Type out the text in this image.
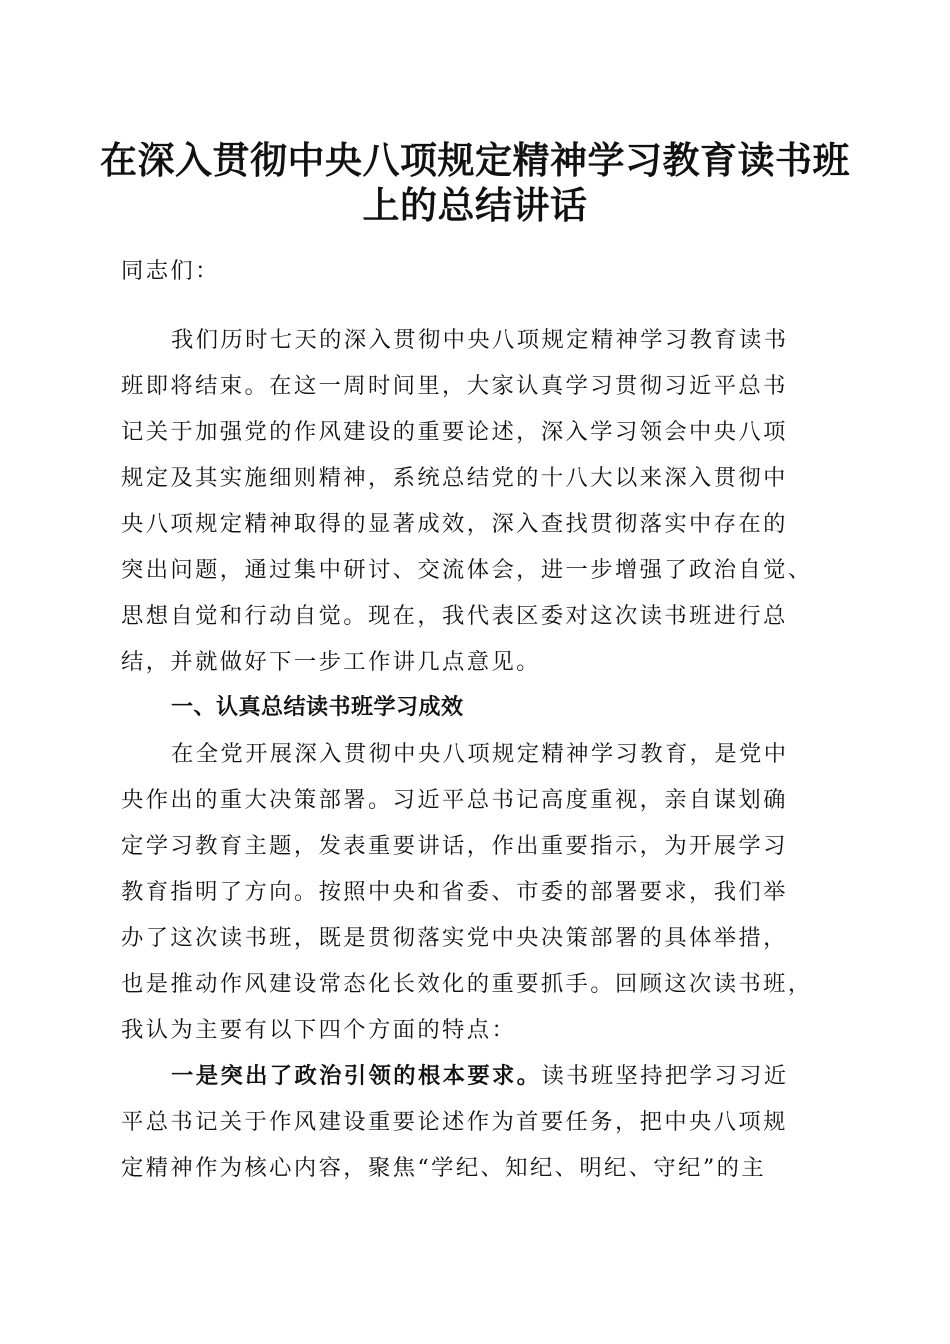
在深入贯彻中央八项规定精神学习教育读书班
上的总结讲话
同志们：
我们历时七天的深入贯彻中央八项规定精神学习教育读书
班即将结束。在这一周时间里，大家认真学习贯彻习近平总书
记关于加强党的作风建设的重要论述，深入学习领会中央八项
规定及其实施细则精神，系统总结党的十八大以来深入贯彻中
央八项规定精神取得的显著成效，深入查找贯彻落实中存在的
突出问题，通过集中研讨、交流体会，进一步增强了政治自觉、
思想自觉和行动自觉。现在，我代表区委对这次读书班进行总
结，并就做好下一步工作讲几点意见。
一、认真总结读书班学习成效
在全党开展深入贯彻中央八项规定精神学习教育，是党中
央作出的重大决策部署。习近平总书记高度重视，亲自谋划确
定学习教育主题，发表重要讲话，作出重要指示，为开展学习
教育指明了方向。按照中央和省委、市委的部署要求，我们举
办了这次读书班，既是贯彻落实党中央决策部署的具体举措，
也是推动作风建设常态化长效化的重要抓手。回顾这次读书班，
我认为主要有以下四个方面的特点：
一是突出了政治引领的根本要求。读书班坚持把学习习近
平总书记关于作风建设重要论述作为首要任务，把中央八项规
定精神作为核心内容，聚焦“学纪、知纪、明纪、守纪”的主
